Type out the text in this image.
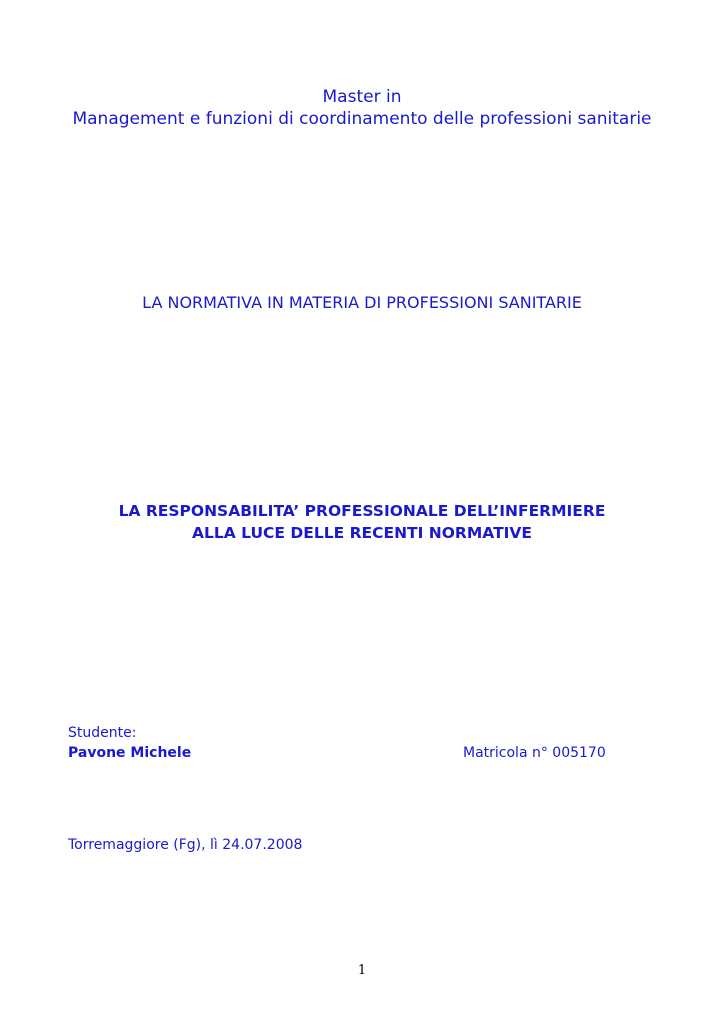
Master in
Management e funzioni di coordinamento delle professioni sanitarie
LA NORMATIVA IN MATERIA DI PROFESSIONI SANITARIE
LA RESPONSABILITA’ PROFESSIONALE DELL’INFERMIERE
ALLA LUCE DELLE RECENTI NORMATIVE
Studente:
Pavone Michele	Matricola n° 005170
Torremaggiore (Fg), lì 24.07.2008
1
